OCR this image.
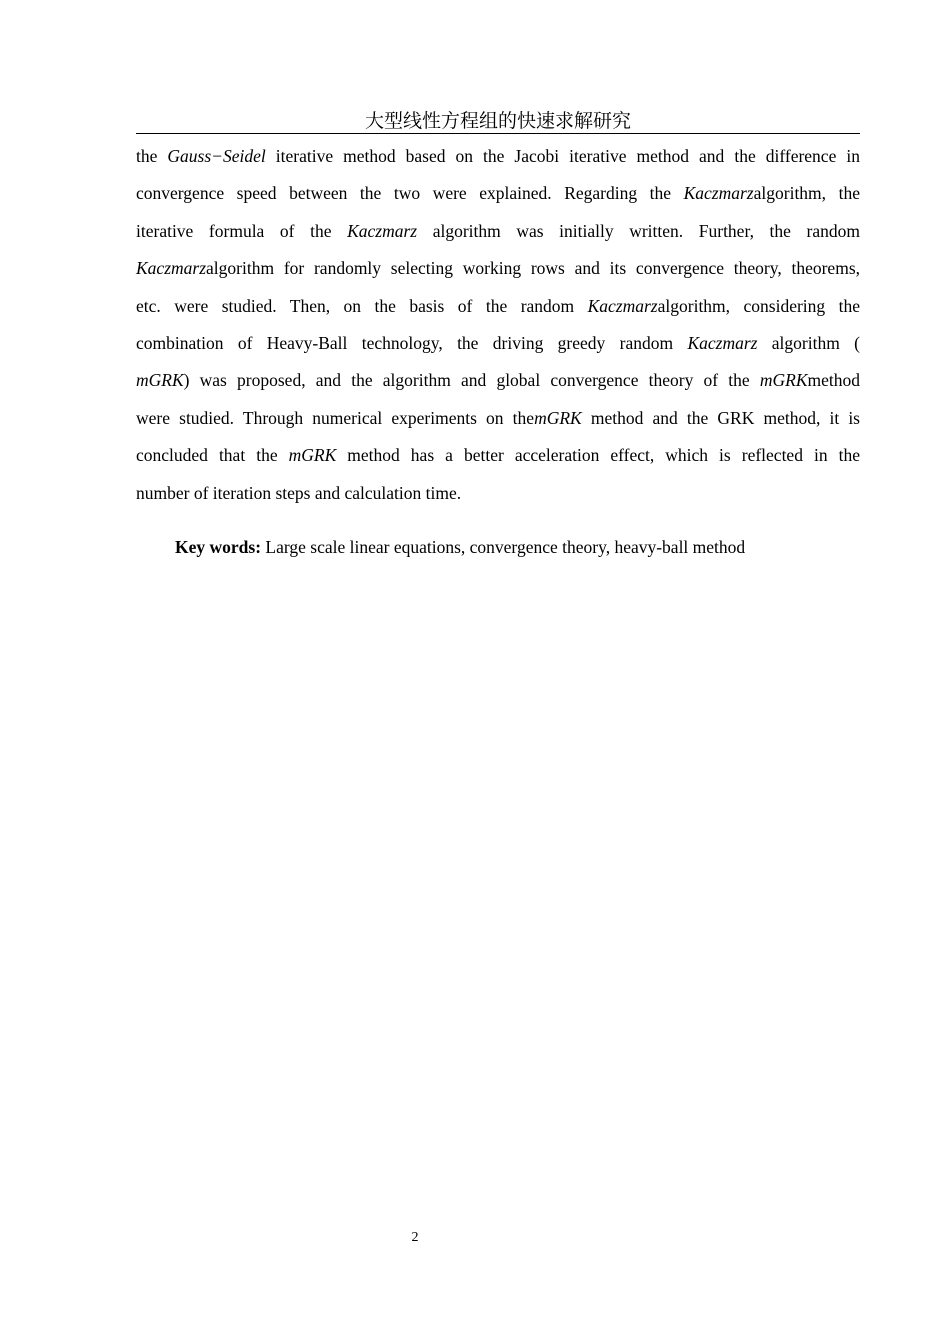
大型线性方程组的快速求解研究
the Gauss−Seidel iterative method based on the Jacobi iterative method and the difference in
convergence speed between the two were explained. Regarding the Kaczmarzalgorithm, the
iterative formula of the Kaczmarz algorithm was initially written. Further, the random
Kaczmarzalgorithm for randomly selecting working rows and its convergence theory, theorems,
etc. were studied. Then, on the basis of the random Kaczmarzalgorithm, considering the
combination of Heavy-Ball technology, the driving greedy random Kaczmarz algorithm (
mGRK) was proposed, and the algorithm and global convergence theory of the mGRKmethod
were studied. Through numerical experiments on themGRK method and the GRK method, it is
concluded that the mGRK method has a better acceleration effect, which is reflected in the
number of iteration steps and calculation time.
Key words: Large scale linear equations, convergence theory, heavy-ball method
2
